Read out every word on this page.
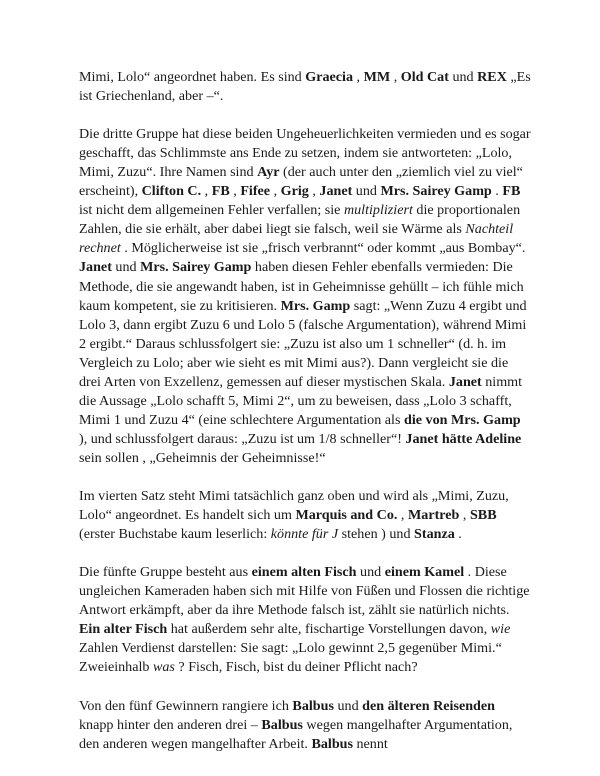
Mimi, Lolo“ angeordnet haben. Es sind Graecia , MM , Old Cat und REX „Es ist Griechenland, aber –“.

Die dritte Gruppe hat diese beiden Ungeheuerlichkeiten vermieden und es sogar geschafft, das Schlimmste ans Ende zu setzen, indem sie antworteten: „Lolo, Mimi, Zuzu“. Ihre Namen sind Ayr (der auch unter den „ziemlich viel zu viel“ erscheint), Clifton C. , FB , Fifee , Grig , Janet und Mrs. Sairey Gamp . FB ist nicht dem allgemeinen Fehler verfallen; sie multipliziert die proportionalen Zahlen, die sie erhält, aber dabei liegt sie falsch, weil sie Wärme als Nachteil rechnet . Möglicherweise ist sie „frisch verbrannt“ oder kommt „aus Bombay“. Janet und Mrs. Sairey Gamp haben diesen Fehler ebenfalls vermieden: Die Methode, die sie angewandt haben, ist in Geheimnisse gehüllt – ich fühle mich kaum kompetent, sie zu kritisieren. Mrs. Gamp sagt: „Wenn Zuzu 4 ergibt und Lolo 3, dann ergibt Zuzu 6 und Lolo 5 (falsche Argumentation), während Mimi 2 ergibt.“ Daraus schlussfolgert sie: „Zuzu ist also um 1 schneller“ (d. h. im Vergleich zu Lolo; aber wie sieht es mit Mimi aus?). Dann vergleicht sie die drei Arten von Exzellenz, gemessen auf dieser mystischen Skala. Janet nimmt die Aussage „Lolo schafft 5, Mimi 2“, um zu beweisen, dass „Lolo 3 schafft, Mimi 1 und Zuzu 4“ (eine schlechtere Argumentation als die von Mrs. Gamp ), und schlussfolgert daraus: „Zuzu ist um 1/8 schneller“! Janet hätte Adeline sein sollen , „Geheimnis der Geheimnisse!“

Im vierten Satz steht Mimi tatsächlich ganz oben und wird als „Mimi, Zuzu, Lolo“ angeordnet. Es handelt sich um Marquis and Co. , Martreb , SBB (erster Buchstabe kaum leserlich: könnte für J stehen ) und Stanza .

Die fünfte Gruppe besteht aus einem alten Fisch und einem Kamel . Diese ungleichen Kameraden haben sich mit Hilfe von Füßen und Flossen die richtige Antwort erkämpft, aber da ihre Methode falsch ist, zählt sie natürlich nichts. Ein alter Fisch hat außerdem sehr alte, fischartige Vorstellungen davon, wie Zahlen Verdienst darstellen: Sie sagt: „Lolo gewinnt 2,5 gegenüber Mimi.“ Zweieinhalb was ? Fisch, Fisch, bist du deiner Pflicht nach?

Von den fünf Gewinnern rangiere ich Balbus und den älteren Reisenden knapp hinter den anderen drei – Balbus wegen mangelhafter Argumentation, den anderen wegen mangelhafter Arbeit. Balbus nennt
